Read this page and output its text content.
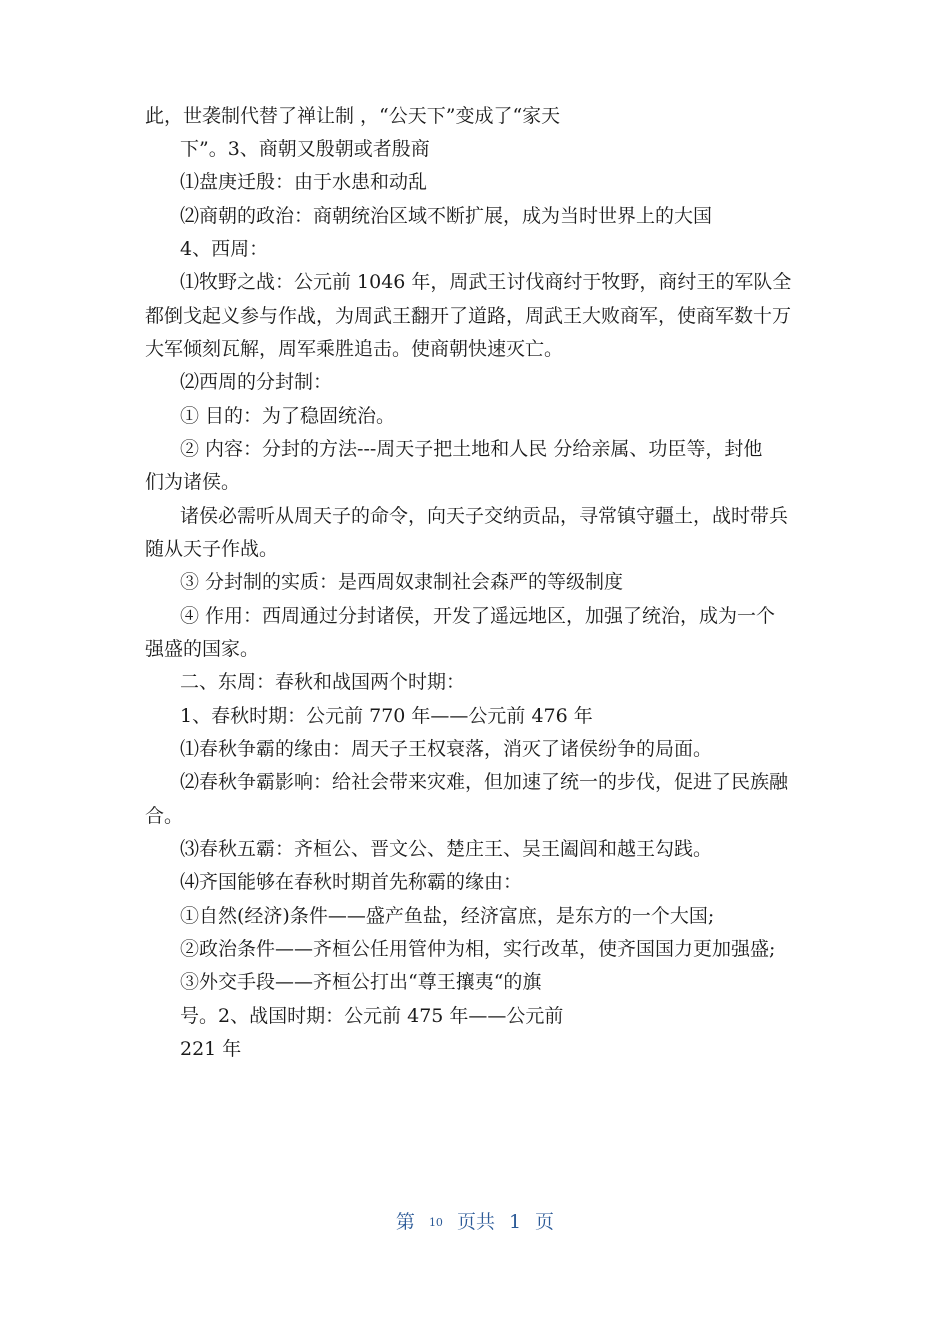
此，世袭制代替了禅让制 ，“公天下”变成了“家天
下”。3、商朝又殷朝或者殷商
⑴盘庚迁殷：由于水患和动乱
⑵商朝的政治：商朝统治区域不断扩展，成为当时世界上的大国
4、西周：
⑴牧野之战：公元前 1046 年，周武王讨伐商纣于牧野，商纣王的军队全
都倒戈起义参与作战，为周武王翻开了道路，周武王大败商军，使商军数十万
大军倾刻瓦解，周军乘胜追击。使商朝快速灭亡。
⑵西周的分封制：
① 目的：为了稳固统治。
② 内容：分封的方法---周天子把土地和人民 分给亲属、功臣等，封他
们为诸侯。
诸侯必需听从周天子的命令，向天子交纳贡品，寻常镇守疆土，战时带兵
随从天子作战。
③ 分封制的实质：是西周奴隶制社会森严的等级制度
④ 作用：西周通过分封诸侯，开发了遥远地区，加强了统治，成为一个
强盛的国家。
二、东周：春秋和战国两个时期：
1、春秋时期：公元前 770 年——公元前 476 年
⑴春秋争霸的缘由：周天子王权衰落，消灭了诸侯纷争的局面。
⑵春秋争霸影响：给社会带来灾难，但加速了统一的步伐，促进了民族融
合。
⑶春秋五霸：齐桓公、晋文公、楚庄王、吴王阖闾和越王勾践。
⑷齐国能够在春秋时期首先称霸的缘由：
①自然(经济)条件——盛产鱼盐，经济富庶，是东方的一个大国;
②政治条件——齐桓公任用管仲为相，实行改革，使齐国国力更加强盛;
③外交手段——齐桓公打出“尊王攘夷“的旗
号。2、战国时期：公元前 475 年——公元前
221 年
第 10 页共 1 页
